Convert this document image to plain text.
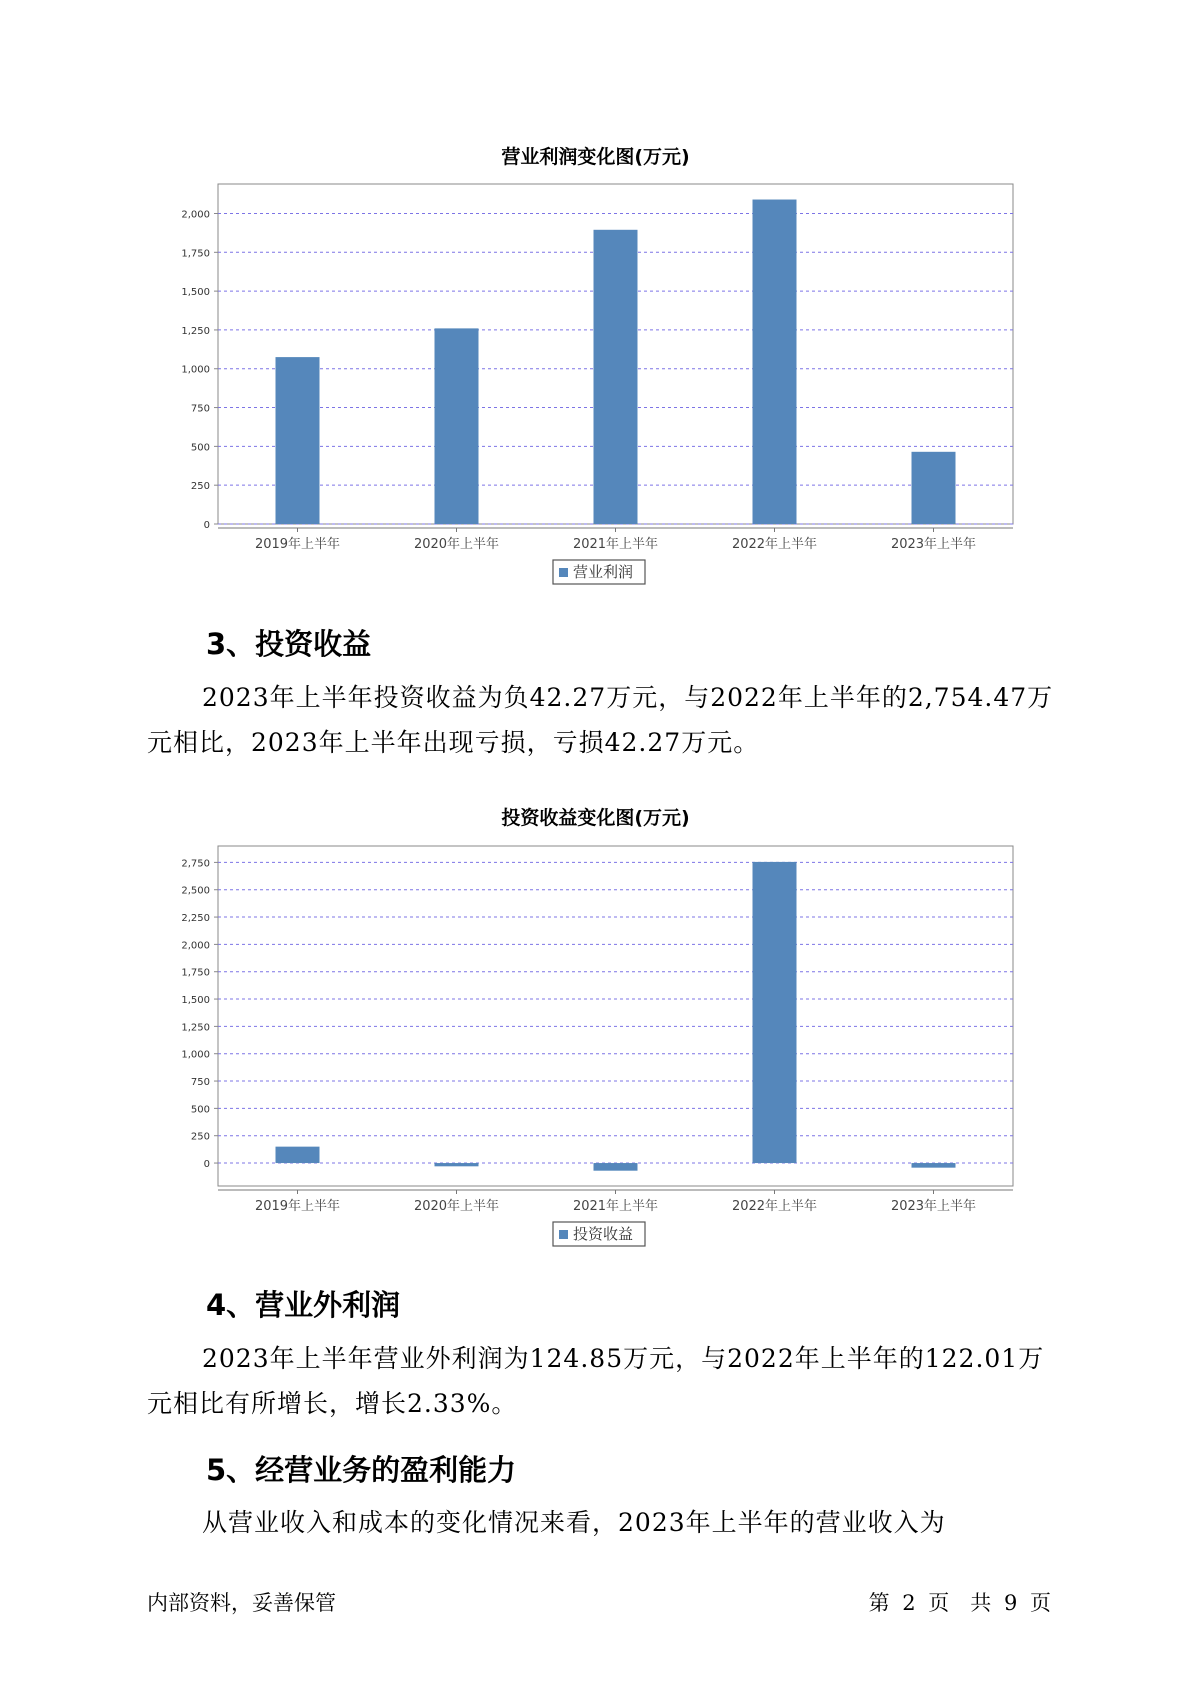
营业利润变化图(万元)
0
250
500
750
1,000
1,250
1,500
1,750
2,000
2019年上半年	2020年上半年	2021年上半年	2022年上半年	2023年上半年
营业利润
3、投资收益

2023年上半年投资收益为负42.27万元，与2022年上半年的2,754.47万元相比，2023年上半年出现亏损，亏损42.27万元。

投资收益变化图(万元)
0
250
500
750
1,000
1,250
1,500
1,750
2,000
2,250
2,500
2,750
2019年上半年	2020年上半年	2021年上半年	2022年上半年	2023年上半年
投资收益
4、营业外利润

2023年上半年营业外利润为124.85万元，与2022年上半年的122.01万元相比有所增长，增长2.33%。

5、经营业务的盈利能力

从营业收入和成本的变化情况来看，2023年上半年的营业收入为

内部资料，妥善保管	第 2 页　共 9 页
